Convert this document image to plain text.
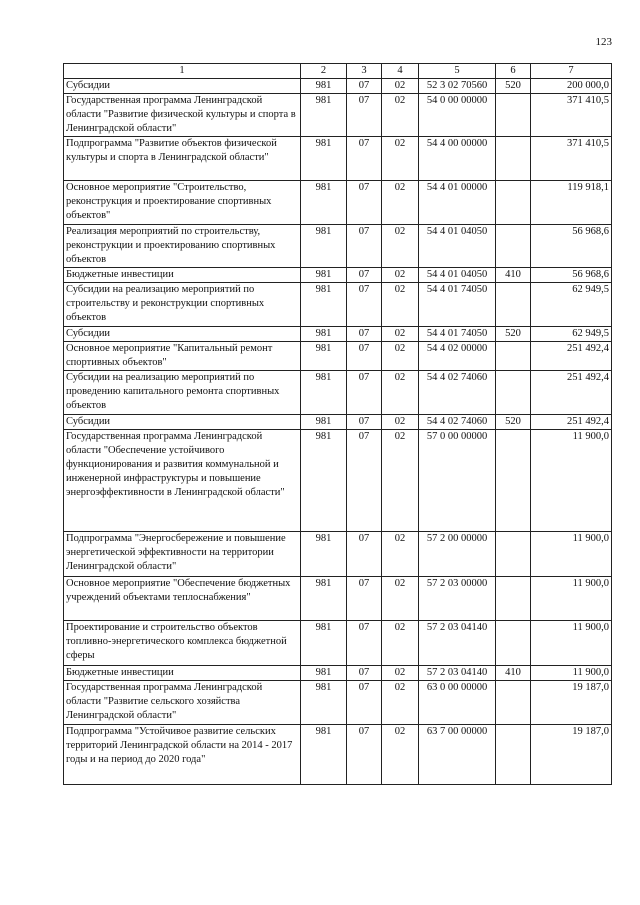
123
1	2	3	4	5	6	7
Субсидии	981	07	02	52 3 02 70560	520	200 000,0
Государственная программа Ленинградской области "Развитие физической культуры и спорта в Ленинградской области"	981	07	02	54 0 00 00000		371 410,5
Подпрограмма "Развитие объектов физической культуры и спорта в Ленинградской области"	981	07	02	54 4 00 00000		371 410,5
Основное мероприятие "Строительство, реконструкция и проектирование спортивных объектов"	981	07	02	54 4 01 00000		119 918,1
Реализация мероприятий по строительству, реконструкции и проектированию спортивных объектов	981	07	02	54 4 01 04050		56 968,6
Бюджетные инвестиции	981	07	02	54 4 01 04050	410	56 968,6
Субсидии на реализацию мероприятий по строительству и реконструкции спортивных объектов	981	07	02	54 4 01 74050		62 949,5
Субсидии	981	07	02	54 4 01 74050	520	62 949,5
Основное мероприятие "Капитальный ремонт спортивных объектов"	981	07	02	54 4 02 00000		251 492,4
Субсидии на реализацию мероприятий по проведению капитального ремонта спортивных объектов	981	07	02	54 4 02 74060		251 492,4
Субсидии	981	07	02	54 4 02 74060	520	251 492,4
Государственная программа Ленинградской области "Обеспечение устойчивого функционирования и развития коммунальной и инженерной инфраструктуры и повышение энергоэффективности в Ленинградской области"	981	07	02	57 0 00 00000		11 900,0
Подпрограмма "Энергосбережение и повышение энергетической эффективности на территории Ленинградской области"	981	07	02	57 2 00 00000		11 900,0
Основное мероприятие "Обеспечение бюджетных учреждений объектами теплоснабжения"	981	07	02	57 2 03 00000		11 900,0
Проектирование и строительство объектов топливно-энергетического комплекса бюджетной сферы	981	07	02	57 2 03 04140		11 900,0
Бюджетные инвестиции	981	07	02	57 2 03 04140	410	11 900,0
Государственная программа Ленинградской области "Развитие сельского хозяйства Ленинградской области"	981	07	02	63 0 00 00000		19 187,0
Подпрограмма "Устойчивое развитие сельских территорий Ленинградской области на 2014 - 2017 годы и на период до 2020 года"	981	07	02	63 7 00 00000		19 187,0
